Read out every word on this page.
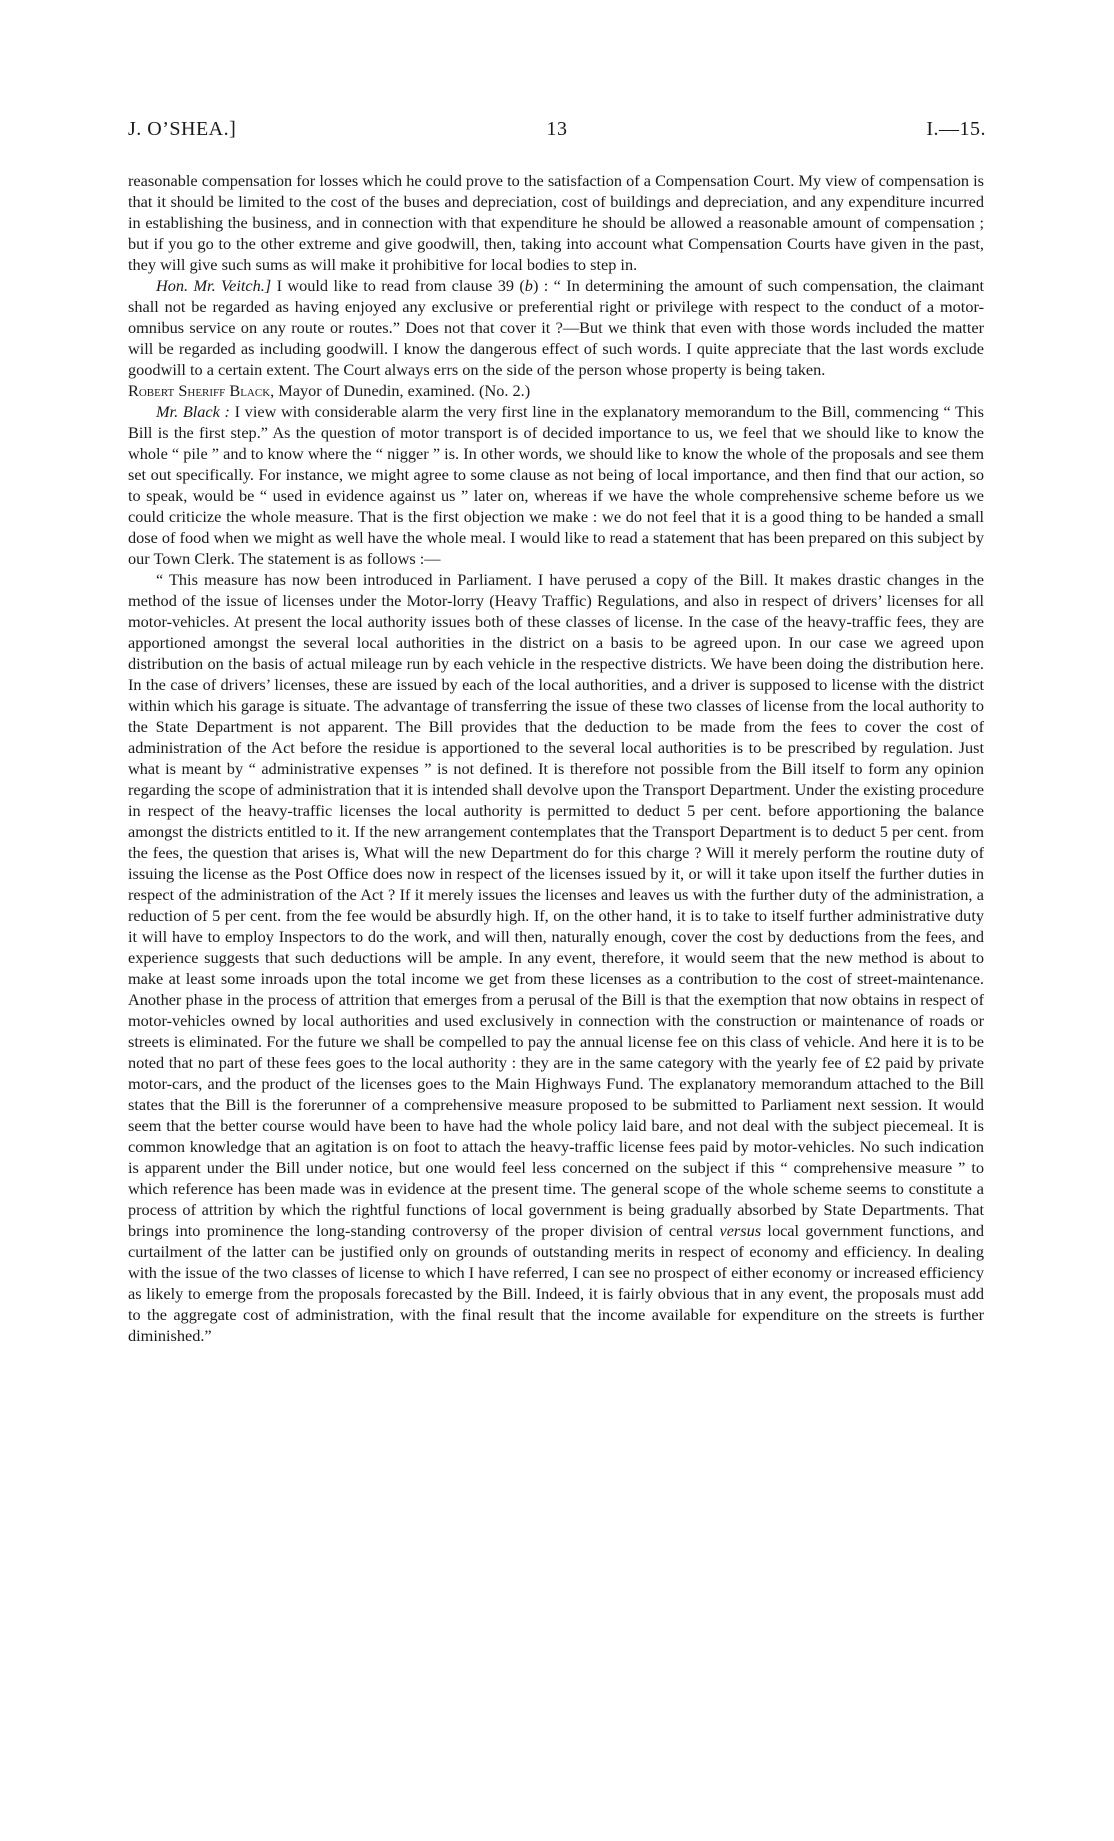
J. O’SHEA.]	13	I.—15.

reasonable compensation for losses which he could prove to the satisfaction of a Compensation Court. My view of compensation is that it should be limited to the cost of the buses and depreciation, cost of buildings and depreciation, and any expenditure incurred in establishing the business, and in connection with that expenditure he should be allowed a reasonable amount of compensation ; but if you go to the other extreme and give goodwill, then, taking into account what Compensation Courts have given in the past, they will give such sums as will make it prohibitive for local bodies to step in.

Hon. Mr. Veitch.] I would like to read from clause 39 (b) : “ In determining the amount of such compensation, the claimant shall not be regarded as having enjoyed any exclusive or preferential right or privilege with respect to the conduct of a motor-omnibus service on any route or routes.” Does not that cover it ?—But we think that even with those words included the matter will be regarded as including goodwill. I know the dangerous effect of such words. I quite appreciate that the last words exclude goodwill to a certain extent. The Court always errs on the side of the person whose property is being taken.

Robert Sheriff Black, Mayor of Dunedin, examined. (No. 2.)

Mr. Black : I view with considerable alarm the very first line in the explanatory memorandum to the Bill, commencing “ This Bill is the first step.” As the question of motor transport is of decided importance to us, we feel that we should like to know the whole “ pile ” and to know where the “ nigger ” is. In other words, we should like to know the whole of the proposals and see them set out specifically. For instance, we might agree to some clause as not being of local importance, and then find that our action, so to speak, would be “ used in evidence against us ” later on, whereas if we have the whole comprehensive scheme before us we could criticize the whole measure. That is the first objection we make : we do not feel that it is a good thing to be handed a small dose of food when we might as well have the whole meal. I would like to read a statement that has been prepared on this subject by our Town Clerk. The statement is as follows :—

“ This measure has now been introduced in Parliament. I have perused a copy of the Bill. It makes drastic changes in the method of the issue of licenses under the Motor-lorry (Heavy Traffic) Regulations, and also in respect of drivers’ licenses for all motor-vehicles. At present the local authority issues both of these classes of license. In the case of the heavy-traffic fees, they are apportioned amongst the several local authorities in the district on a basis to be agreed upon. In our case we agreed upon distribution on the basis of actual mileage run by each vehicle in the respective districts. We have been doing the distribution here. In the case of drivers’ licenses, these are issued by each of the local authorities, and a driver is supposed to license with the district within which his garage is situate. The advantage of transferring the issue of these two classes of license from the local authority to the State Department is not apparent. The Bill provides that the deduction to be made from the fees to cover the cost of administration of the Act before the residue is apportioned to the several local authorities is to be prescribed by regulation. Just what is meant by “ administrative expenses ” is not defined. It is therefore not possible from the Bill itself to form any opinion regarding the scope of administration that it is intended shall devolve upon the Transport Department. Under the existing procedure in respect of the heavy-traffic licenses the local authority is permitted to deduct 5 per cent. before apportioning the balance amongst the districts entitled to it. If the new arrangement contemplates that the Transport Department is to deduct 5 per cent. from the fees, the question that arises is, What will the new Department do for this charge ? Will it merely perform the routine duty of issuing the license as the Post Office does now in respect of the licenses issued by it, or will it take upon itself the further duties in respect of the administration of the Act ? If it merely issues the licenses and leaves us with the further duty of the administration, a reduction of 5 per cent. from the fee would be absurdly high. If, on the other hand, it is to take to itself further administrative duty it will have to employ Inspectors to do the work, and will then, naturally enough, cover the cost by deductions from the fees, and experience suggests that such deductions will be ample. In any event, therefore, it would seem that the new method is about to make at least some inroads upon the total income we get from these licenses as a contribution to the cost of street-maintenance. Another phase in the process of attrition that emerges from a perusal of the Bill is that the exemption that now obtains in respect of motor-vehicles owned by local authorities and used exclusively in connection with the construction or maintenance of roads or streets is eliminated. For the future we shall be compelled to pay the annual license fee on this class of vehicle. And here it is to be noted that no part of these fees goes to the local authority : they are in the same category with the yearly fee of £2 paid by private motor-cars, and the product of the licenses goes to the Main Highways Fund. The explanatory memorandum attached to the Bill states that the Bill is the forerunner of a comprehensive measure proposed to be submitted to Parliament next session. It would seem that the better course would have been to have had the whole policy laid bare, and not deal with the subject piecemeal. It is common knowledge that an agitation is on foot to attach the heavy-traffic license fees paid by motor-vehicles. No such indication is apparent under the Bill under notice, but one would feel less concerned on the subject if this “ comprehensive measure ” to which reference has been made was in evidence at the present time. The general scope of the whole scheme seems to constitute a process of attrition by which the rightful functions of local government is being gradually absorbed by State Departments. That brings into prominence the long-standing controversy of the proper division of central versus local government functions, and curtailment of the latter can be justified only on grounds of outstanding merits in respect of economy and efficiency. In dealing with the issue of the two classes of license to which I have referred, I can see no prospect of either economy or increased efficiency as likely to emerge from the proposals forecasted by the Bill. Indeed, it is fairly obvious that in any event, the proposals must add to the aggregate cost of administration, with the final result that the income available for expenditure on the streets is further diminished.”
